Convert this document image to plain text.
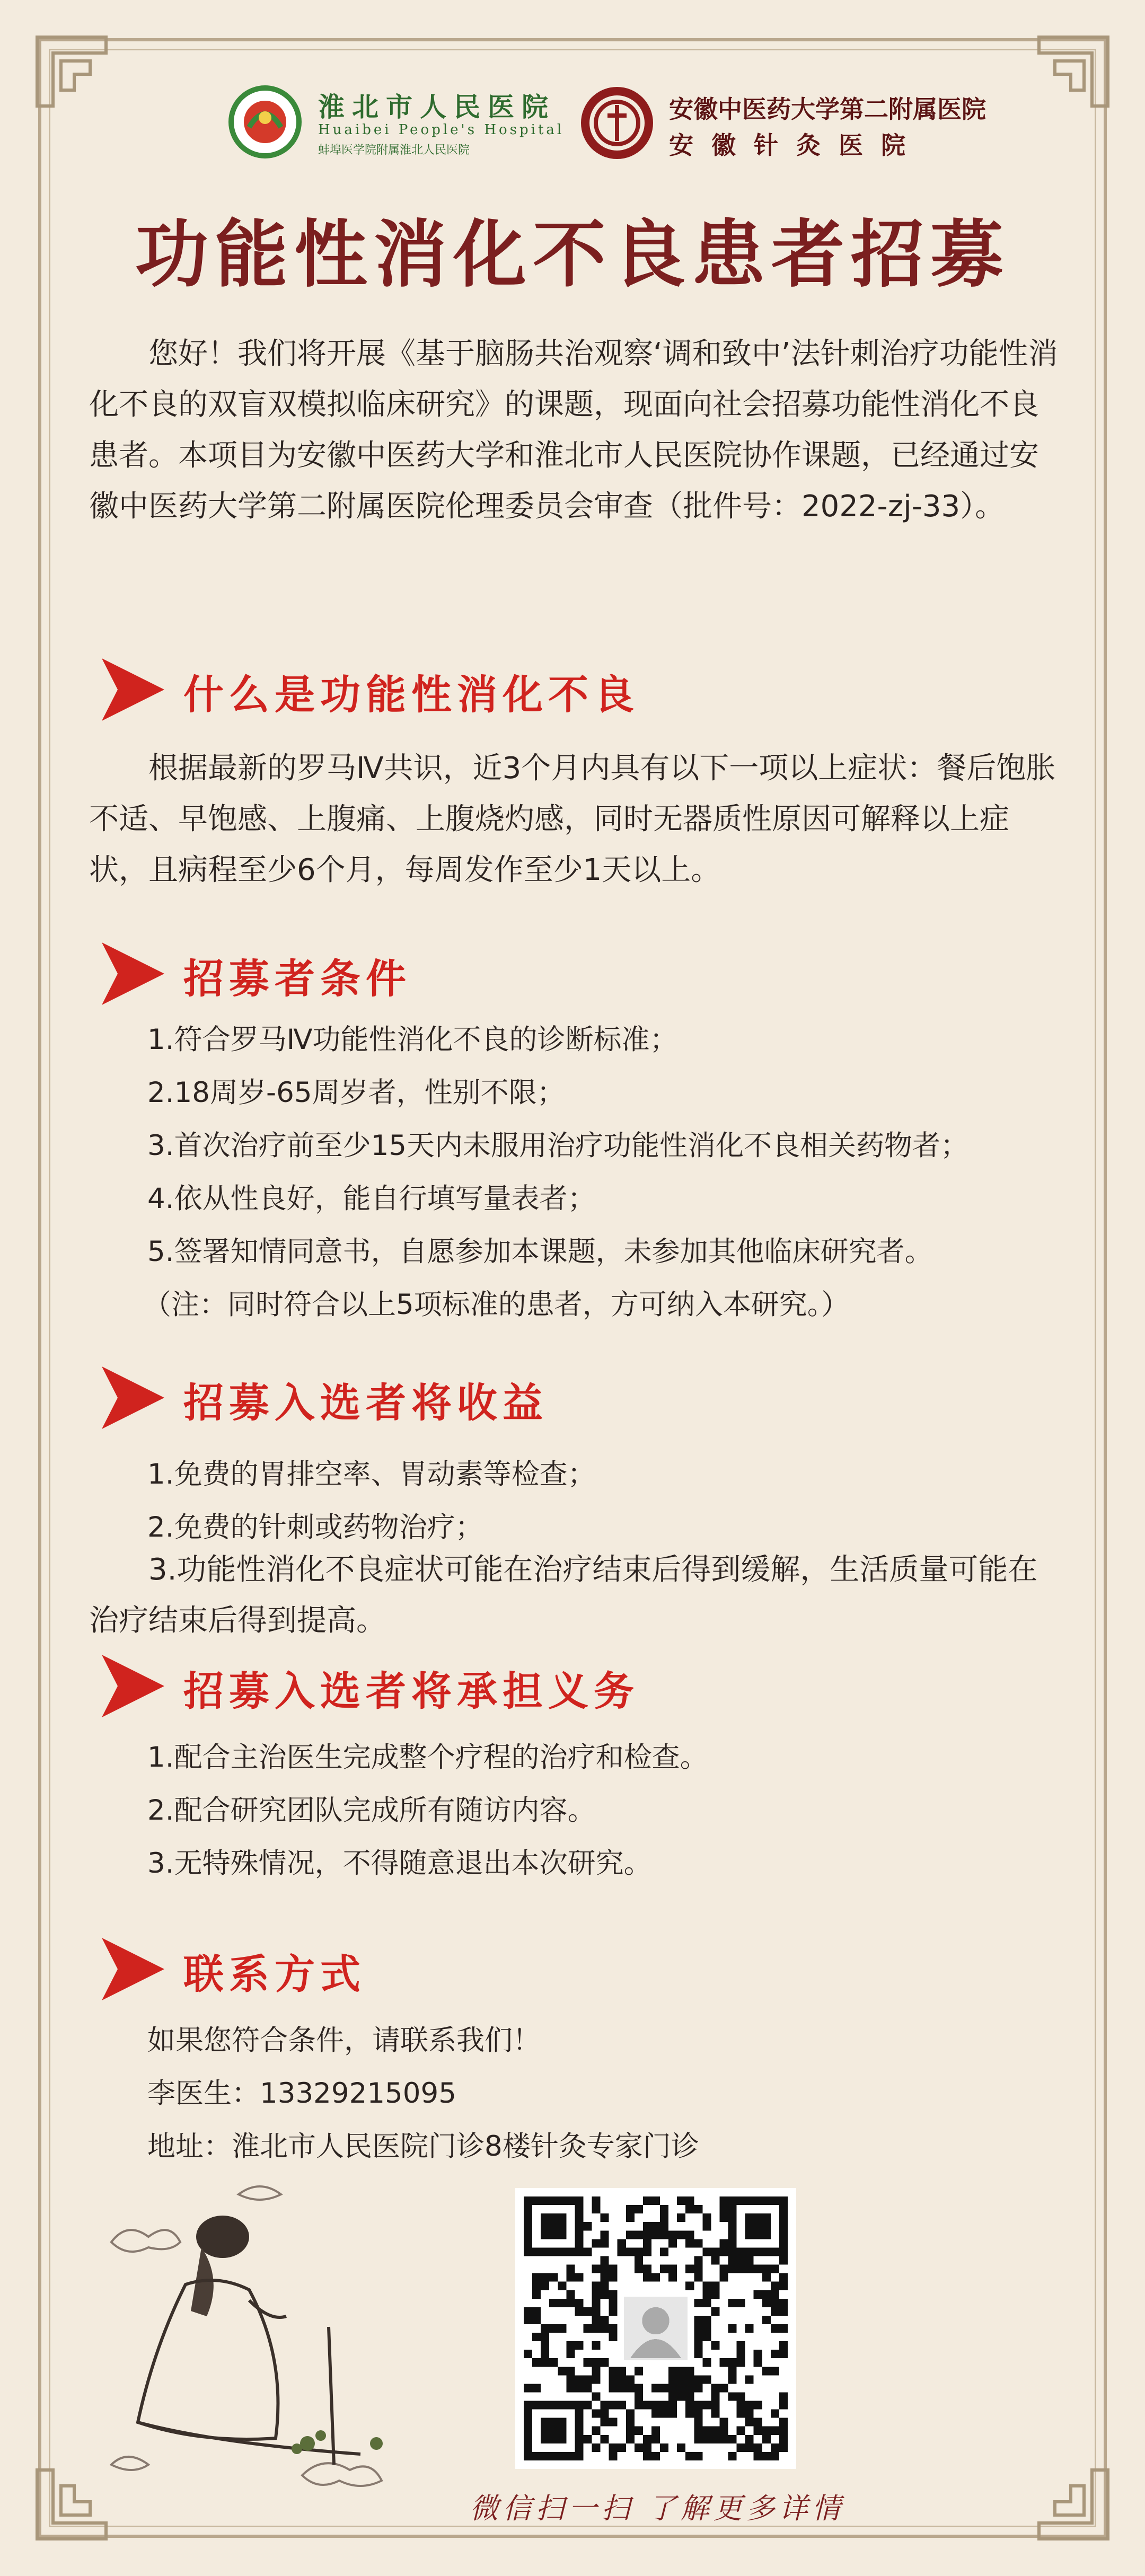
淮北市人民医院
Huaibei People's Hospital
蚌埠医学院附属淮北人民医院
安徽中医药大学第二附属医院
安徽针灸医院
功能性消化不良患者招募
您好！我们将开展《基于脑肠共治观察‘调和致中’法针刺治疗功能性消化不良的双盲双模拟临床研究》的课题，现面向社会招募功能性消化不良患者。本项目为安徽中医药大学和淮北市人民医院协作课题，已经通过安徽中医药大学第二附属医院伦理委员会审查（批件号：2022-zj-33）。
什么是功能性消化不良
根据最新的罗马Ⅳ共识，近3个月内具有以下一项以上症状：餐后饱胀不适、早饱感、上腹痛、上腹烧灼感，同时无器质性原因可解释以上症状，且病程至少6个月，每周发作至少1天以上。
招募者条件
1.符合罗马Ⅳ功能性消化不良的诊断标准；
2.18周岁-65周岁者，性别不限；
3.首次治疗前至少15天内未服用治疗功能性消化不良相关药物者；
4.依从性良好，能自行填写量表者；
5.签署知情同意书，自愿参加本课题，未参加其他临床研究者。
（注：同时符合以上5项标准的患者，方可纳入本研究。）
招募入选者将收益
1.免费的胃排空率、胃动素等检查；
2.免费的针刺或药物治疗；
3.功能性消化不良症状可能在治疗结束后得到缓解，生活质量可能在治疗结束后得到提高。
招募入选者将承担义务
1.配合主治医生完成整个疗程的治疗和检查。
2.配合研究团队完成所有随访内容。
3.无特殊情况，不得随意退出本次研究。
联系方式
如果您符合条件，请联系我们！
李医生：13329215095
地址：淮北市人民医院门诊8楼针灸专家门诊
微信扫一扫 了解更多详情
